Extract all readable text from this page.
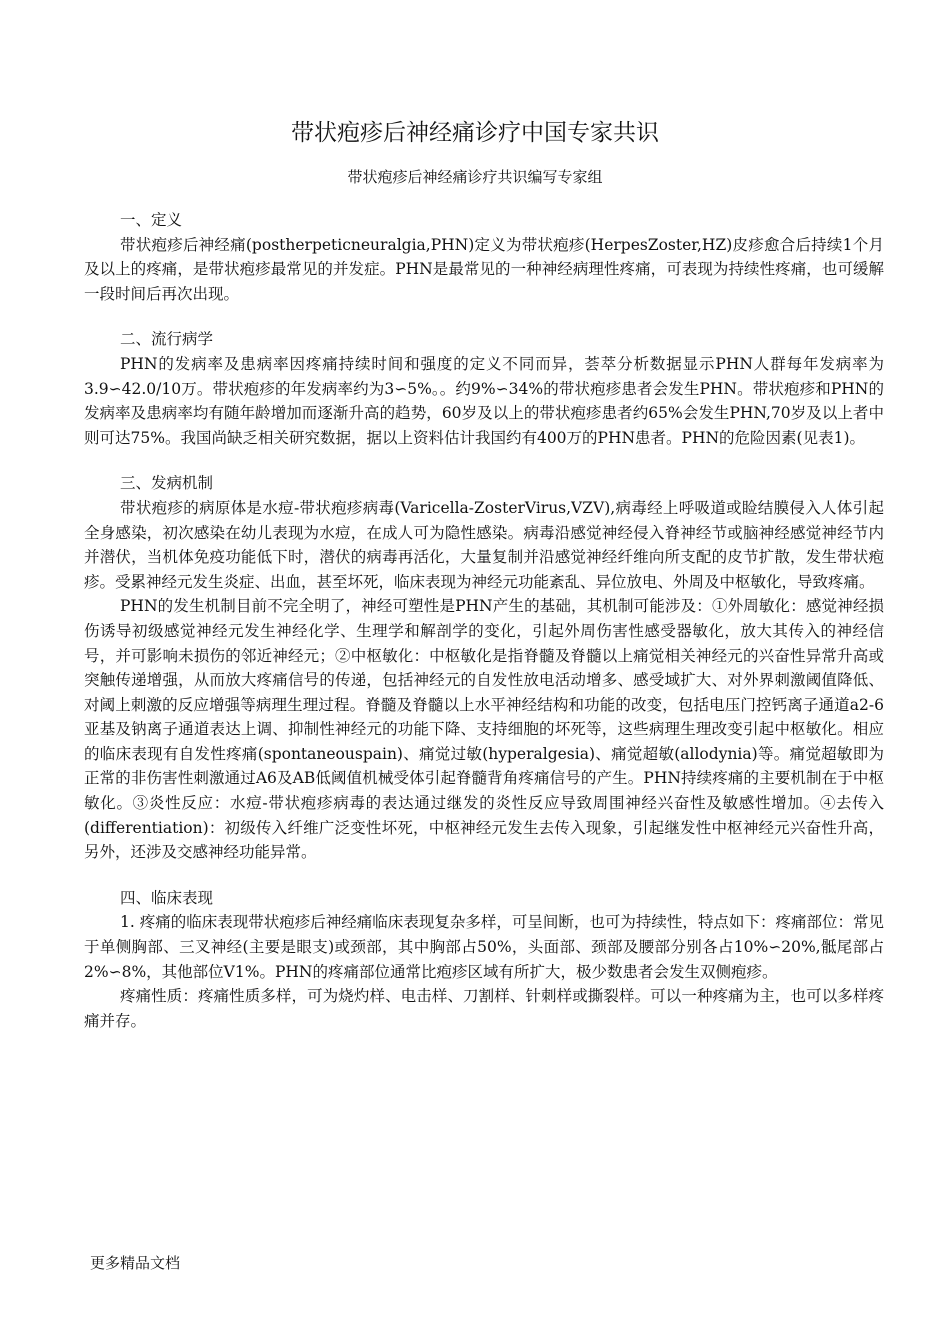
带状疱疹后神经痛诊疗中国专家共识
带状疱疹后神经痛诊疗共识编写专家组

一、定义

带状疱疹后神经痛(postherpeticneuralgia,PHN)定义为带状疱疹(HerpesZoster,HZ)皮疹愈合后持续1个月及以上的疼痛，是带状疱疹最常见的并发症。PHN是最常见的一种神经病理性疼痛，可表现为持续性疼痛，也可缓解一段时间后再次出现。

二、流行病学

PHN的发病率及患病率因疼痛持续时间和强度的定义不同而异，荟萃分析数据显示PHN人群每年发病率为3.9∽42.0/10万。带状疱疹的年发病率约为3∽5%。。约9%∽34%的带状疱疹患者会发生PHN。带状疱疹和PHN的发病率及患病率均有随年龄增加而逐渐升高的趋势，60岁及以上的带状疱疹患者约65%会发生PHN,70岁及以上者中则可达75%。我国尚缺乏相关研究数据，据以上资料估计我国约有400万的PHN患者。PHN的危险因素(见表1)。

三、发病机制

带状疱疹的病原体是水痘-带状疱疹病毒(Varicella-ZosterVirus,VZV),病毒经上呼吸道或睑结膜侵入人体引起全身感染，初次感染在幼儿表现为水痘，在成人可为隐性感染。病毒沿感觉神经侵入脊神经节或脑神经感觉神经节内并潜伏，当机体免疫功能低下时，潜伏的病毒再活化，大量复制并沿感觉神经纤维向所支配的皮节扩散，发生带状疱疹。受累神经元发生炎症、出血，甚至坏死，临床表现为神经元功能紊乱、异位放电、外周及中枢敏化，导致疼痛。

PHN的发生机制目前不完全明了，神经可塑性是PHN产生的基础，其机制可能涉及：①外周敏化：感觉神经损伤诱导初级感觉神经元发生神经化学、生理学和解剖学的变化，引起外周伤害性感受器敏化，放大其传入的神经信号，并可影响未损伤的邻近神经元；②中枢敏化：中枢敏化是指脊髓及脊髓以上痛觉相关神经元的兴奋性异常升高或突触传递增强，从而放大疼痛信号的传递，包括神经元的自发性放电活动增多、感受域扩大、对外界刺激阈值降低、对阈上刺激的反应增强等病理生理过程。脊髓及脊髓以上水平神经结构和功能的改变，包括电压门控钙离子通道a2-6亚基及钠离子通道表达上调、抑制性神经元的功能下降、支持细胞的坏死等，这些病理生理改变引起中枢敏化。相应的临床表现有自发性疼痛(spontaneouspain)、痛觉过敏(hyperalgesia)、痛觉超敏(allodynia)等。痛觉超敏即为正常的非伤害性刺激通过A6及AB低阈值机械受体引起脊髓背角疼痛信号的产生。PHN持续疼痛的主要机制在于中枢敏化。③炎性反应：水痘-带状疱疹病毒的表达通过继发的炎性反应导致周围神经兴奋性及敏感性增加。④去传入(differentiation)：初级传入纤维广泛变性坏死，中枢神经元发生去传入现象，引起继发性中枢神经元兴奋性升高，另外，还涉及交感神经功能异常。

四、临床表现

1. 疼痛的临床表现带状疱疹后神经痛临床表现复杂多样，可呈间断，也可为持续性，特点如下：疼痛部位：常见于单侧胸部、三叉神经(主要是眼支)或颈部，其中胸部占50%，头面部、颈部及腰部分别各占10%∽20%,骶尾部占2%∽8%，其他部位V1%。PHN的疼痛部位通常比疱疹区域有所扩大，极少数患者会发生双侧疱疹。

疼痛性质：疼痛性质多样，可为烧灼样、电击样、刀割样、针刺样或撕裂样。可以一种疼痛为主，也可以多样疼痛并存。

更多精品文档
